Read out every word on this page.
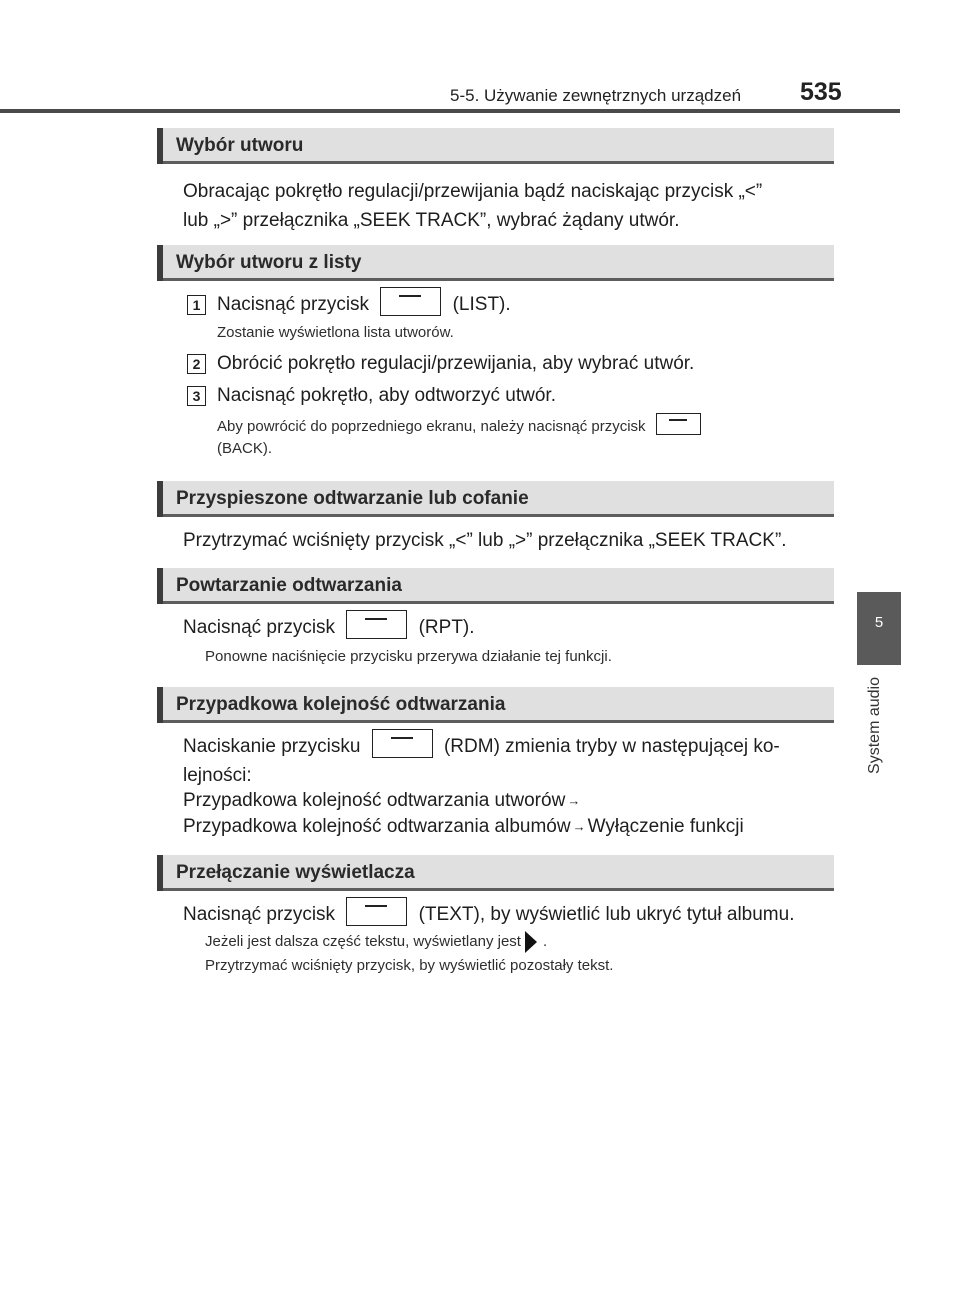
5-5. Używanie zewnętrznych urządzeń 535
5
System audio
Wybór utworu
Obracając pokrętło regulacji/przewijania bądź naciskając przycisk „<”
lub „>” przełącznika „SEEK TRACK”, wybrać żądany utwór.
Wybór utworu z listy
1 Nacisnąć przycisk	(LIST).
Zostanie wyświetlona lista utworów.
2 Obrócić pokrętło regulacji/przewijania, aby wybrać utwór.
3 Nacisnąć pokrętło, aby odtworzyć utwór.
Aby powrócić do poprzedniego ekranu, należy nacisnąć przycisk
(BACK).
Przyspieszone odtwarzanie lub cofanie
Przytrzymać wciśnięty przycisk „<” lub „>” przełącznika „SEEK TRACK”.
Powtarzanie odtwarzania
Nacisnąć przycisk	(RPT).
Ponowne naciśnięcie przycisku przerywa działanie tej funkcji.
Przypadkowa kolejność odtwarzania
Naciskanie przycisku	(RDM) zmienia tryby w następującej ko-
lejności:
Przypadkowa kolejność odtwarzania utworów →
Przypadkowa kolejność odtwarzania albumów → Wyłączenie funkcji
Przełączanie wyświetlacza
Nacisnąć przycisk	(TEXT), by wyświetlić lub ukryć tytuł albumu.
Jeżeli jest dalsza część tekstu, wyświetlany jest .
Przytrzymać wciśnięty przycisk, by wyświetlić pozostały tekst.
